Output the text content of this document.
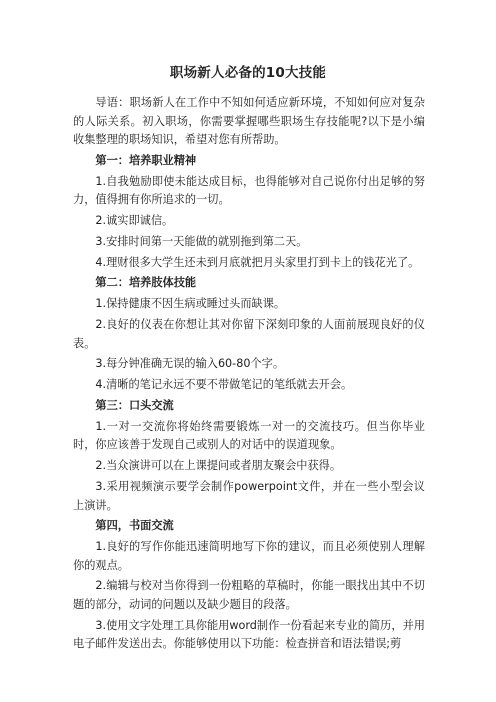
职场新人必备的10大技能

导语：职场新人在工作中不知如何适应新环境，不知如何应对复杂的人际关系。初入职场，你需要掌握哪些职场生存技能呢?以下是小编收集整理的职场知识，希望对您有所帮助。

第一：培养职业精神

1.自我勉励即使未能达成目标，也得能够对自己说你付出足够的努力，值得拥有你所追求的一切。

2.诚实即诚信。

3.安排时间第一天能做的就别拖到第二天。

4.理财很多大学生还未到月底就把月头家里打到卡上的钱花光了。

第二：培养肢体技能

1.保持健康不因生病或睡过头而缺课。

2.良好的仪表在你想让其对你留下深刻印象的人面前展现良好的仪表。

3.每分钟准确无误的输入60-80个字。

4.清晰的笔记永远不要不带做笔记的笔纸就去开会。

第三：口头交流

1.一对一交流你将始终需要锻炼一对一的交流技巧。但当你毕业时，你应该善于发现自己或别人的对话中的误道现象。

2.当众演讲可以在上课提问或者朋友聚会中获得。

3.采用视频演示要学会制作powerpoint文件，并在一些小型会议上演讲。

第四，书面交流

1.良好的写作你能迅速简明地写下你的建议，而且必须使别人理解你的观点。

2.编辑与校对当你得到一份粗略的草稿时，你能一眼找出其中不切题的部分，动词的问题以及缺少题目的段落。

3.使用文字处理工具你能用word制作一份看起来专业的简历，并用电子邮件发送出去。你能够使用以下功能：检查拼音和语法错误;剪
